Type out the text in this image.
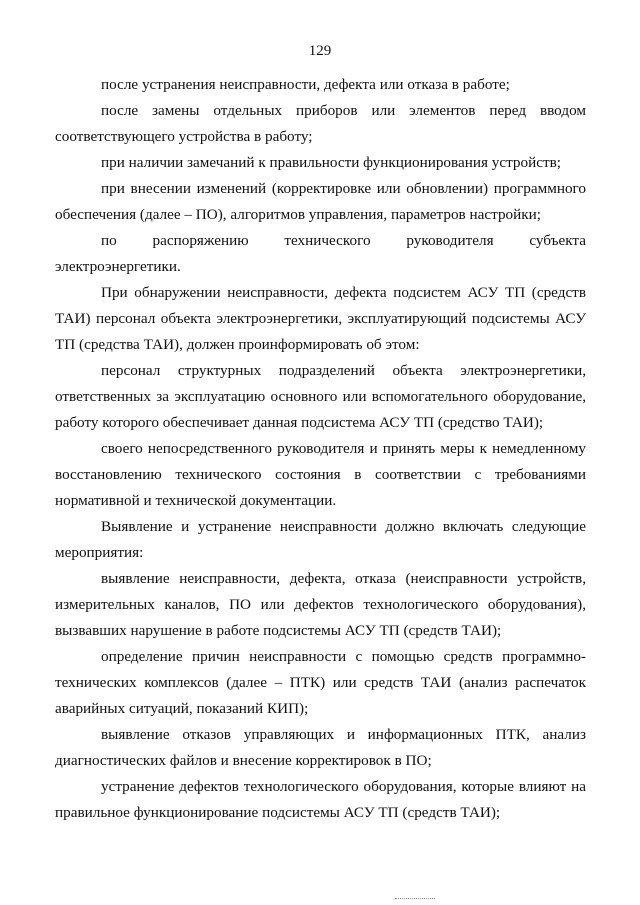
129

после устранения неисправности, дефекта или отказа в работе;

после замены отдельных приборов или элементов перед вводом соответствующего устройства в работу;

при наличии замечаний к правильности функционирования устройств;

при внесении изменений (корректировке или обновлении) программного обеспечения (далее – ПО), алгоритмов управления, параметров настройки;

по распоряжению технического руководителя субъекта электроэнергетики.

При обнаружении неисправности, дефекта подсистем АСУ ТП (средств ТАИ) персонал объекта электроэнергетики, эксплуатирующий подсистемы АСУ ТП (средства ТАИ), должен проинформировать об этом:

персонал структурных подразделений объекта электроэнергетики, ответственных за эксплуатацию основного или вспомогательного оборудование, работу которого обеспечивает данная подсистема АСУ ТП (средство ТАИ);

своего непосредственного руководителя и принять меры к немедленному восстановлению технического состояния в соответствии с требованиями нормативной и технической документации.

Выявление и устранение неисправности должно включать следующие мероприятия:

выявление неисправности, дефекта, отказа (неисправности устройств, измерительных каналов, ПО или дефектов технологического оборудования), вызвавших нарушение в работе подсистемы АСУ ТП (средств ТАИ);

определение причин неисправности с помощью средств программно-технических комплексов (далее – ПТК) или средств ТАИ (анализ распечаток аварийных ситуаций, показаний КИП);

выявление отказов управляющих и информационных ПТК, анализ диагностических файлов и внесение корректировок в ПО;

устранение дефектов технологического оборудования, которые влияют на правильное функционирование подсистемы АСУ ТП (средств ТАИ);
